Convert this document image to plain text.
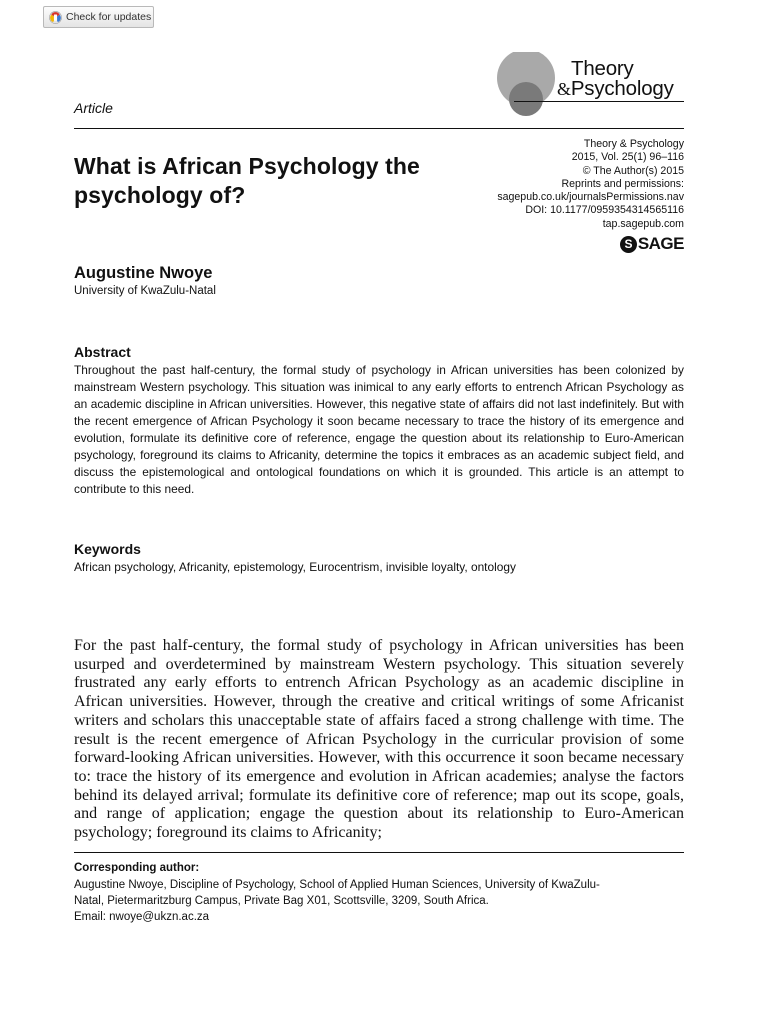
Check for updates
Theory
&Psychology
Article
What is African Psychology the psychology of?
Theory & Psychology
2015, Vol. 25(1) 96–116
© The Author(s) 2015
Reprints and permissions:
sagepub.co.uk/journalsPermissions.nav
DOI: 10.1177/0959354314565116
tap.sagepub.com
S SAGE
Augustine Nwoye
University of KwaZulu-Natal
Abstract

Throughout the past half-century, the formal study of psychology in African universities has been colonized by mainstream Western psychology. This situation was inimical to any early efforts to entrench African Psychology as an academic discipline in African universities. However, this negative state of affairs did not last indefinitely. But with the recent emergence of African Psychology it soon became necessary to trace the history of its emergence and evolution, formulate its definitive core of reference, engage the question about its relationship to Euro-American psychology, foreground its claims to Africanity, determine the topics it embraces as an academic subject field, and discuss the epistemological and ontological foundations on which it is grounded. This article is an attempt to contribute to this need.

Keywords
African psychology, Africanity, epistemology, Eurocentrism, invisible loyalty, ontology

For the past half-century, the formal study of psychology in African universities has been usurped and overdetermined by mainstream Western psychology. This situation severely frustrated any early efforts to entrench African Psychology as an academic discipline in African universities. However, through the creative and critical writings of some Africanist writers and scholars this unacceptable state of affairs faced a strong challenge with time. The result is the recent emergence of African Psychology in the curricular provision of some forward-looking African universities. However, with this occurrence it soon became necessary to: trace the history of its emergence and evolution in African academies; analyse the factors behind its delayed arrival; formulate its definitive core of reference; map out its scope, goals, and range of application; engage the question about its relationship to Euro-American psychology; foreground its claims to Africanity;

Corresponding author:
Augustine Nwoye, Discipline of Psychology, School of Applied Human Sciences, University of KwaZulu-
Natal, Pietermaritzburg Campus, Private Bag X01, Scottsville, 3209, South Africa.
Email: nwoye@ukzn.ac.za
